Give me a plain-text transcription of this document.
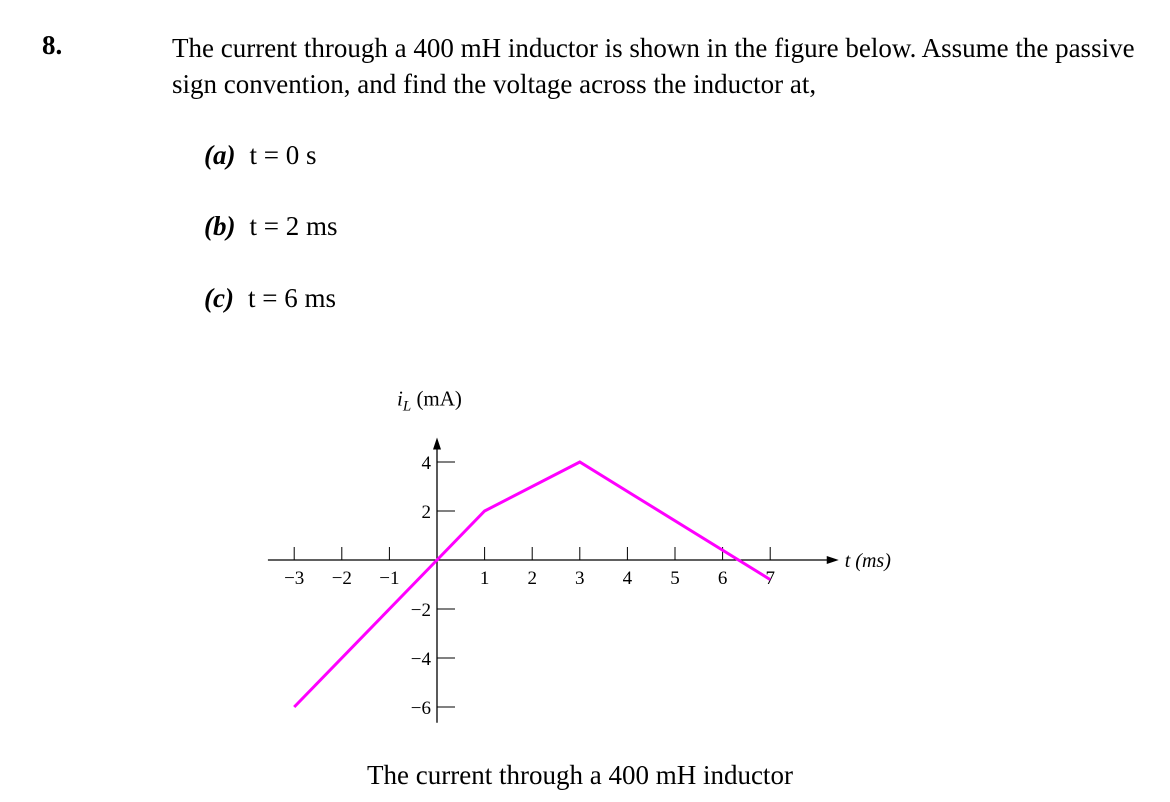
8.	The current through a 400 mH inductor is shown in the figure below. Assume the passive sign convention, and find the voltage across the inductor at,
(a) t = 0 s
(b) t = 2 ms
(c) t = 6 ms
−3 −2 −1	1 2 3 4 5 6 7
4
2
−2
−4
−6
$i_L$ (mA)
t (ms)
The current through a 400 mH inductor
